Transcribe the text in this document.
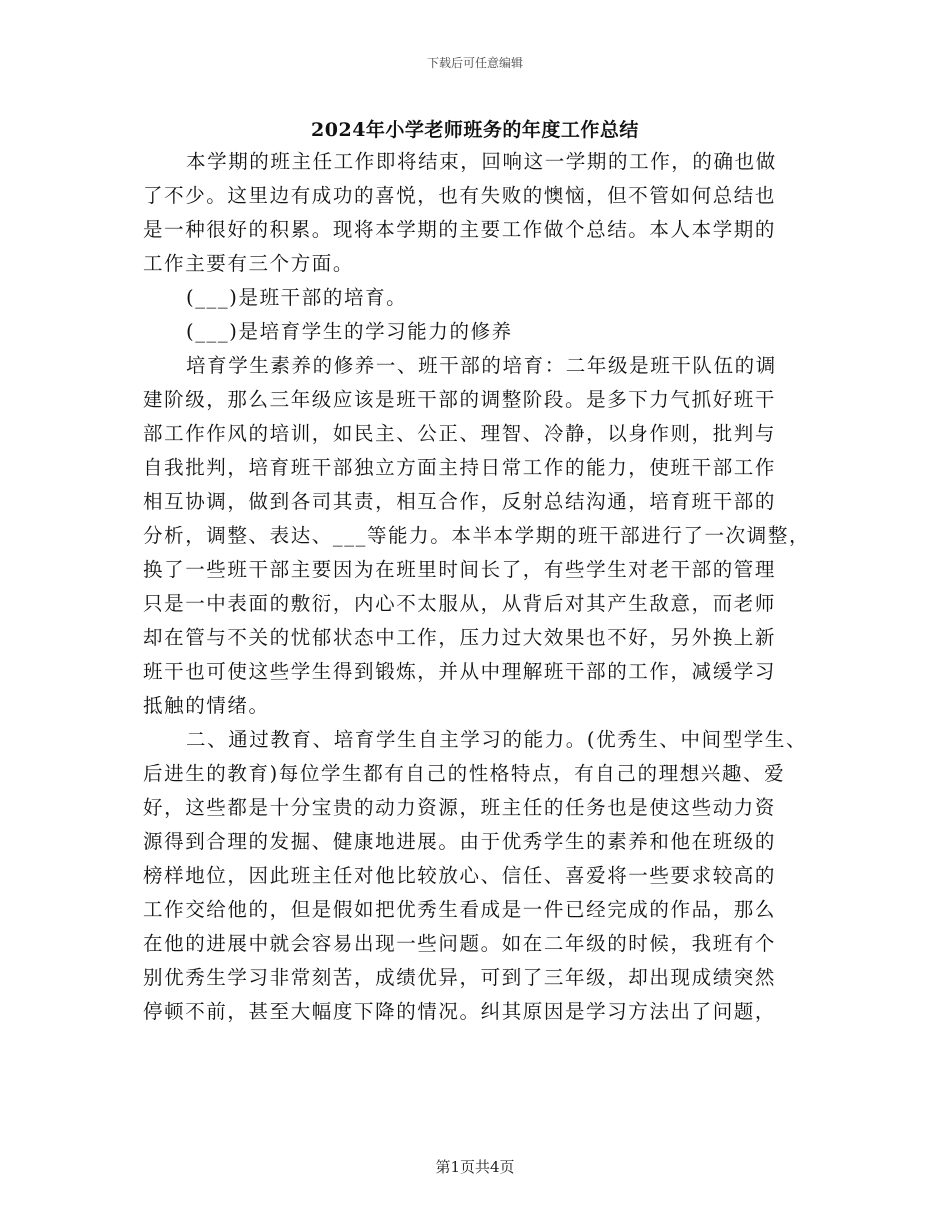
下载后可任意编辑
2024年小学老师班务的年度工作总结
本学期的班主任工作即将结束，回响这一学期的工作，的确也做
了不少。这里边有成功的喜悦，也有失败的懊恼，但不管如何总结也
是一种很好的积累。现将本学期的主要工作做个总结。本人本学期的
工作主要有三个方面。
(___)是班干部的培育。
(___)是培育学生的学习能力的修养
培育学生素养的修养一、班干部的培育：二年级是班干队伍的调
建阶级，那么三年级应该是班干部的调整阶段。是多下力气抓好班干
部工作作风的培训，如民主、公正、理智、冷静，以身作则，批判与
自我批判，培育班干部独立方面主持日常工作的能力，使班干部工作
相互协调，做到各司其责，相互合作，反射总结沟通，培育班干部的
分析，调整、表达、___等能力。本半本学期的班干部进行了一次调整，
换了一些班干部主要因为在班里时间长了，有些学生对老干部的管理
只是一中表面的敷衍，内心不太服从，从背后对其产生敌意，而老师
却在管与不关的忧郁状态中工作，压力过大效果也不好，另外换上新
班干也可使这些学生得到锻炼，并从中理解班干部的工作，减缓学习
抵触的情绪。
二、通过教育、培育学生自主学习的能力。(优秀生、中间型学生、
后进生的教育)每位学生都有自己的性格特点，有自己的理想兴趣、爱
好，这些都是十分宝贵的动力资源，班主任的任务也是使这些动力资
源得到合理的发掘、健康地进展。由于优秀学生的素养和他在班级的
榜样地位，因此班主任对他比较放心、信任、喜爱将一些要求较高的
工作交给他的，但是假如把优秀生看成是一件已经完成的作品，那么
在他的进展中就会容易出现一些问题。如在二年级的时候，我班有个
别优秀生学习非常刻苦，成绩优异，可到了三年级，却出现成绩突然
停顿不前，甚至大幅度下降的情况。纠其原因是学习方法出了问题，
第1页共4页
